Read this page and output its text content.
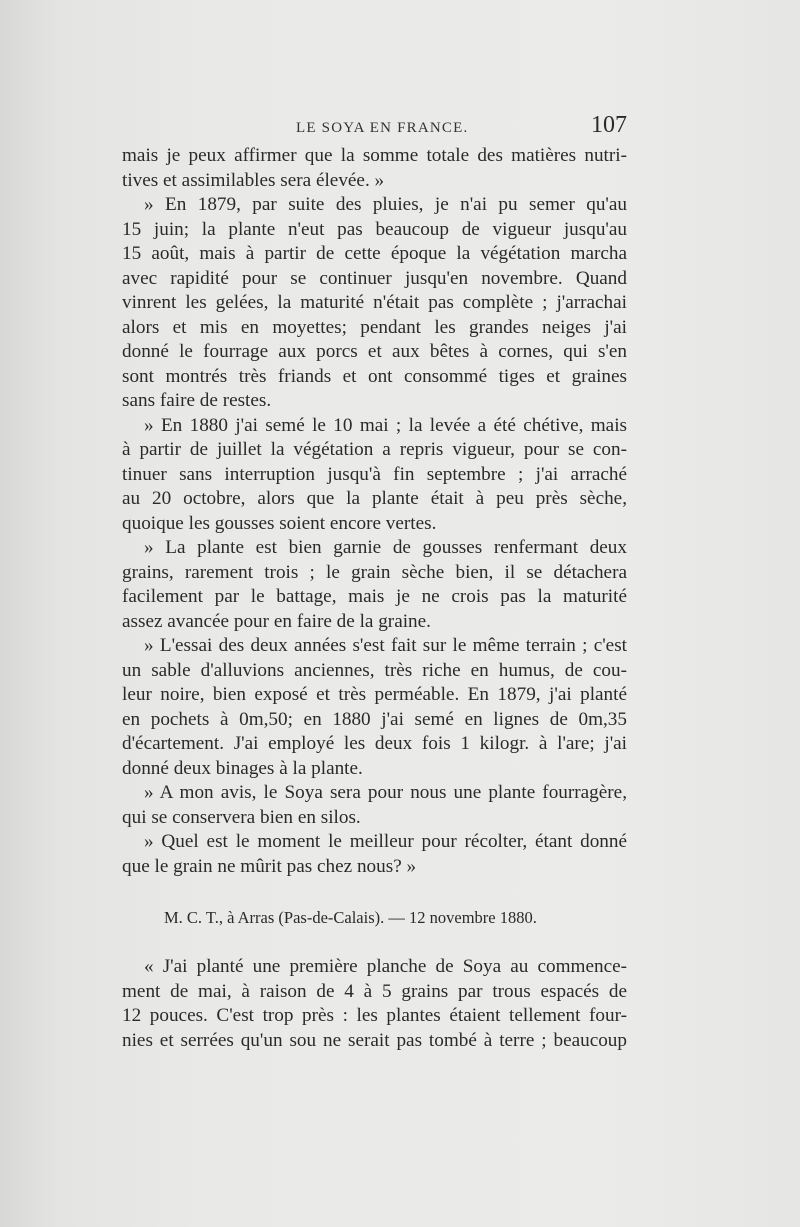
LE SOYA EN FRANCE.	107
mais je peux affirmer que la somme totale des matières nutri-
tives et assimilables sera élevée. »
» En 1879, par suite des pluies, je n'ai pu semer qu'au
15 juin; la plante n'eut pas beaucoup de vigueur jusqu'au
15 août, mais à partir de cette époque la végétation marcha
avec rapidité pour se continuer jusqu'en novembre. Quand
vinrent les gelées, la maturité n'était pas complète ; j'arrachai
alors et mis en moyettes; pendant les grandes neiges j'ai
donné le fourrage aux porcs et aux bêtes à cornes, qui s'en
sont montrés très friands et ont consommé tiges et graines
sans faire de restes.
» En 1880 j'ai semé le 10 mai ; la levée a été chétive, mais
à partir de juillet la végétation a repris vigueur, pour se con-
tinuer sans interruption jusqu'à fin septembre ; j'ai arraché
au 20 octobre, alors que la plante était à peu près sèche,
quoique les gousses soient encore vertes.
» La plante est bien garnie de gousses renfermant deux
grains, rarement trois ; le grain sèche bien, il se détachera
facilement par le battage, mais je ne crois pas la maturité
assez avancée pour en faire de la graine.
» L'essai des deux années s'est fait sur le même terrain ; c'est
un sable d'alluvions anciennes, très riche en humus, de cou-
leur noire, bien exposé et très perméable. En 1879, j'ai planté
en pochets à 0m,50; en 1880 j'ai semé en lignes de 0m,35
d'écartement. J'ai employé les deux fois 1 kilogr. à l'are; j'ai
donné deux binages à la plante.
» A mon avis, le Soya sera pour nous une plante fourragère,
qui se conservera bien en silos.
» Quel est le moment le meilleur pour récolter, étant donné
que le grain ne mûrit pas chez nous? »
M. C. T., à Arras (Pas-de-Calais). — 12 novembre 1880.
« J'ai planté une première planche de Soya au commence-
ment de mai, à raison de 4 à 5 grains par trous espacés de
12 pouces. C'est trop près : les plantes étaient tellement four-
nies et serrées qu'un sou ne serait pas tombé à terre ; beaucoup
